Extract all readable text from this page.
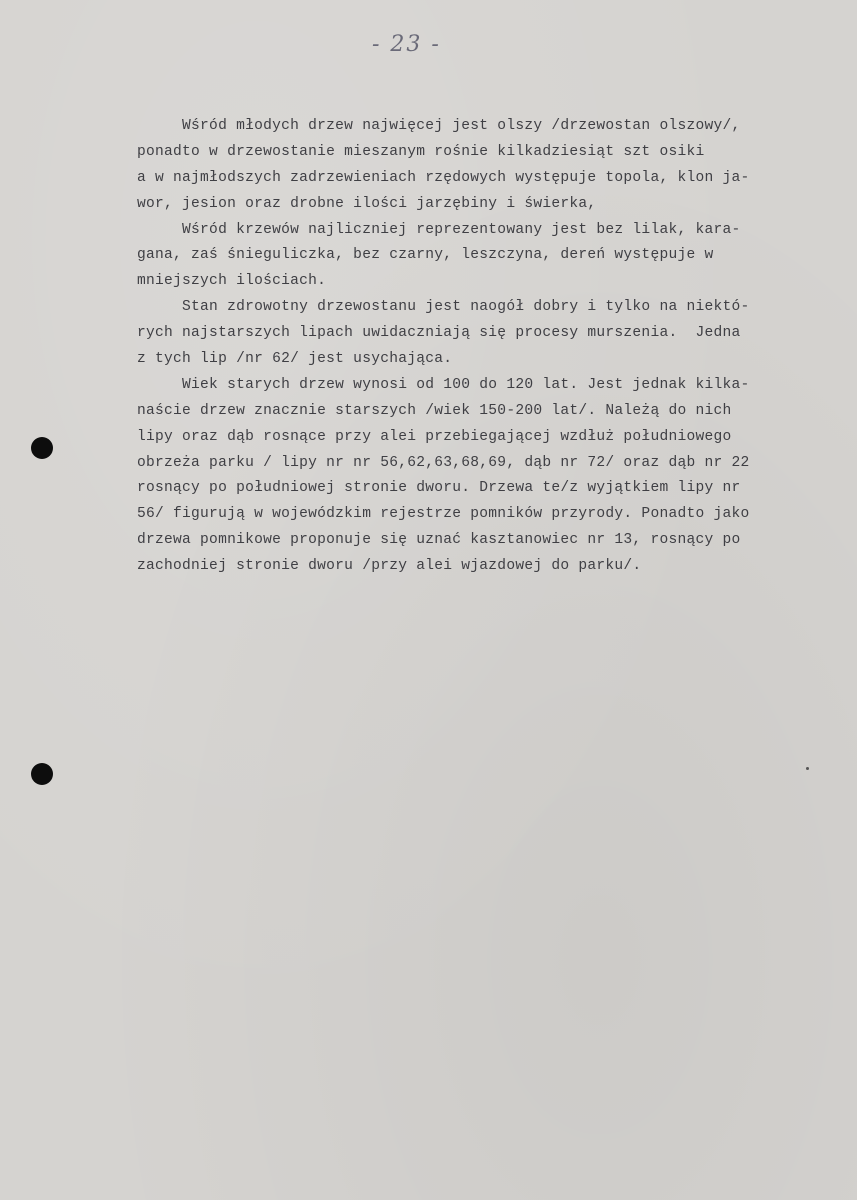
- 23 -
Wśród młodych drzew najwięcej jest olszy /drzewostan olszowy/,
ponadto w drzewostanie mieszanym rośnie kilkadziesiąt szt osiki
a w najmłodszych zadrzewieniach rzędowych występuje topola, klon ja-
wor, jesion oraz drobne ilości jarzębiny i świerka,
Wśród krzewów najliczniej reprezentowany jest bez lilak, kara-
gana, zaś śnieguliczka, bez czarny, leszczyna, dereń występuje w
mniejszych ilościach.
Stan zdrowotny drzewostanu jest naogół dobry i tylko na niektó-
rych najstarszych lipach uwidaczniają się procesy murszenia.  Jedna
z tych lip /nr 62/ jest usychająca.
Wiek starych drzew wynosi od 100 do 120 lat. Jest jednak kilka-
naście drzew znacznie starszych /wiek 150-200 lat/. Należą do nich
lipy oraz dąb rosnące przy alei przebiegającej wzdłuż południowego
obrzeża parku / lipy nr nr 56,62,63,68,69, dąb nr 72/ oraz dąb nr 22
rosnący po południowej stronie dworu. Drzewa te/z wyjątkiem lipy nr
56/ figurują w wojewódzkim rejestrze pomników przyrody. Ponadto jako
drzewa pomnikowe proponuje się uznać kasztanowiec nr 13, rosnący po
zachodniej stronie dworu /przy alei wjazdowej do parku/.
